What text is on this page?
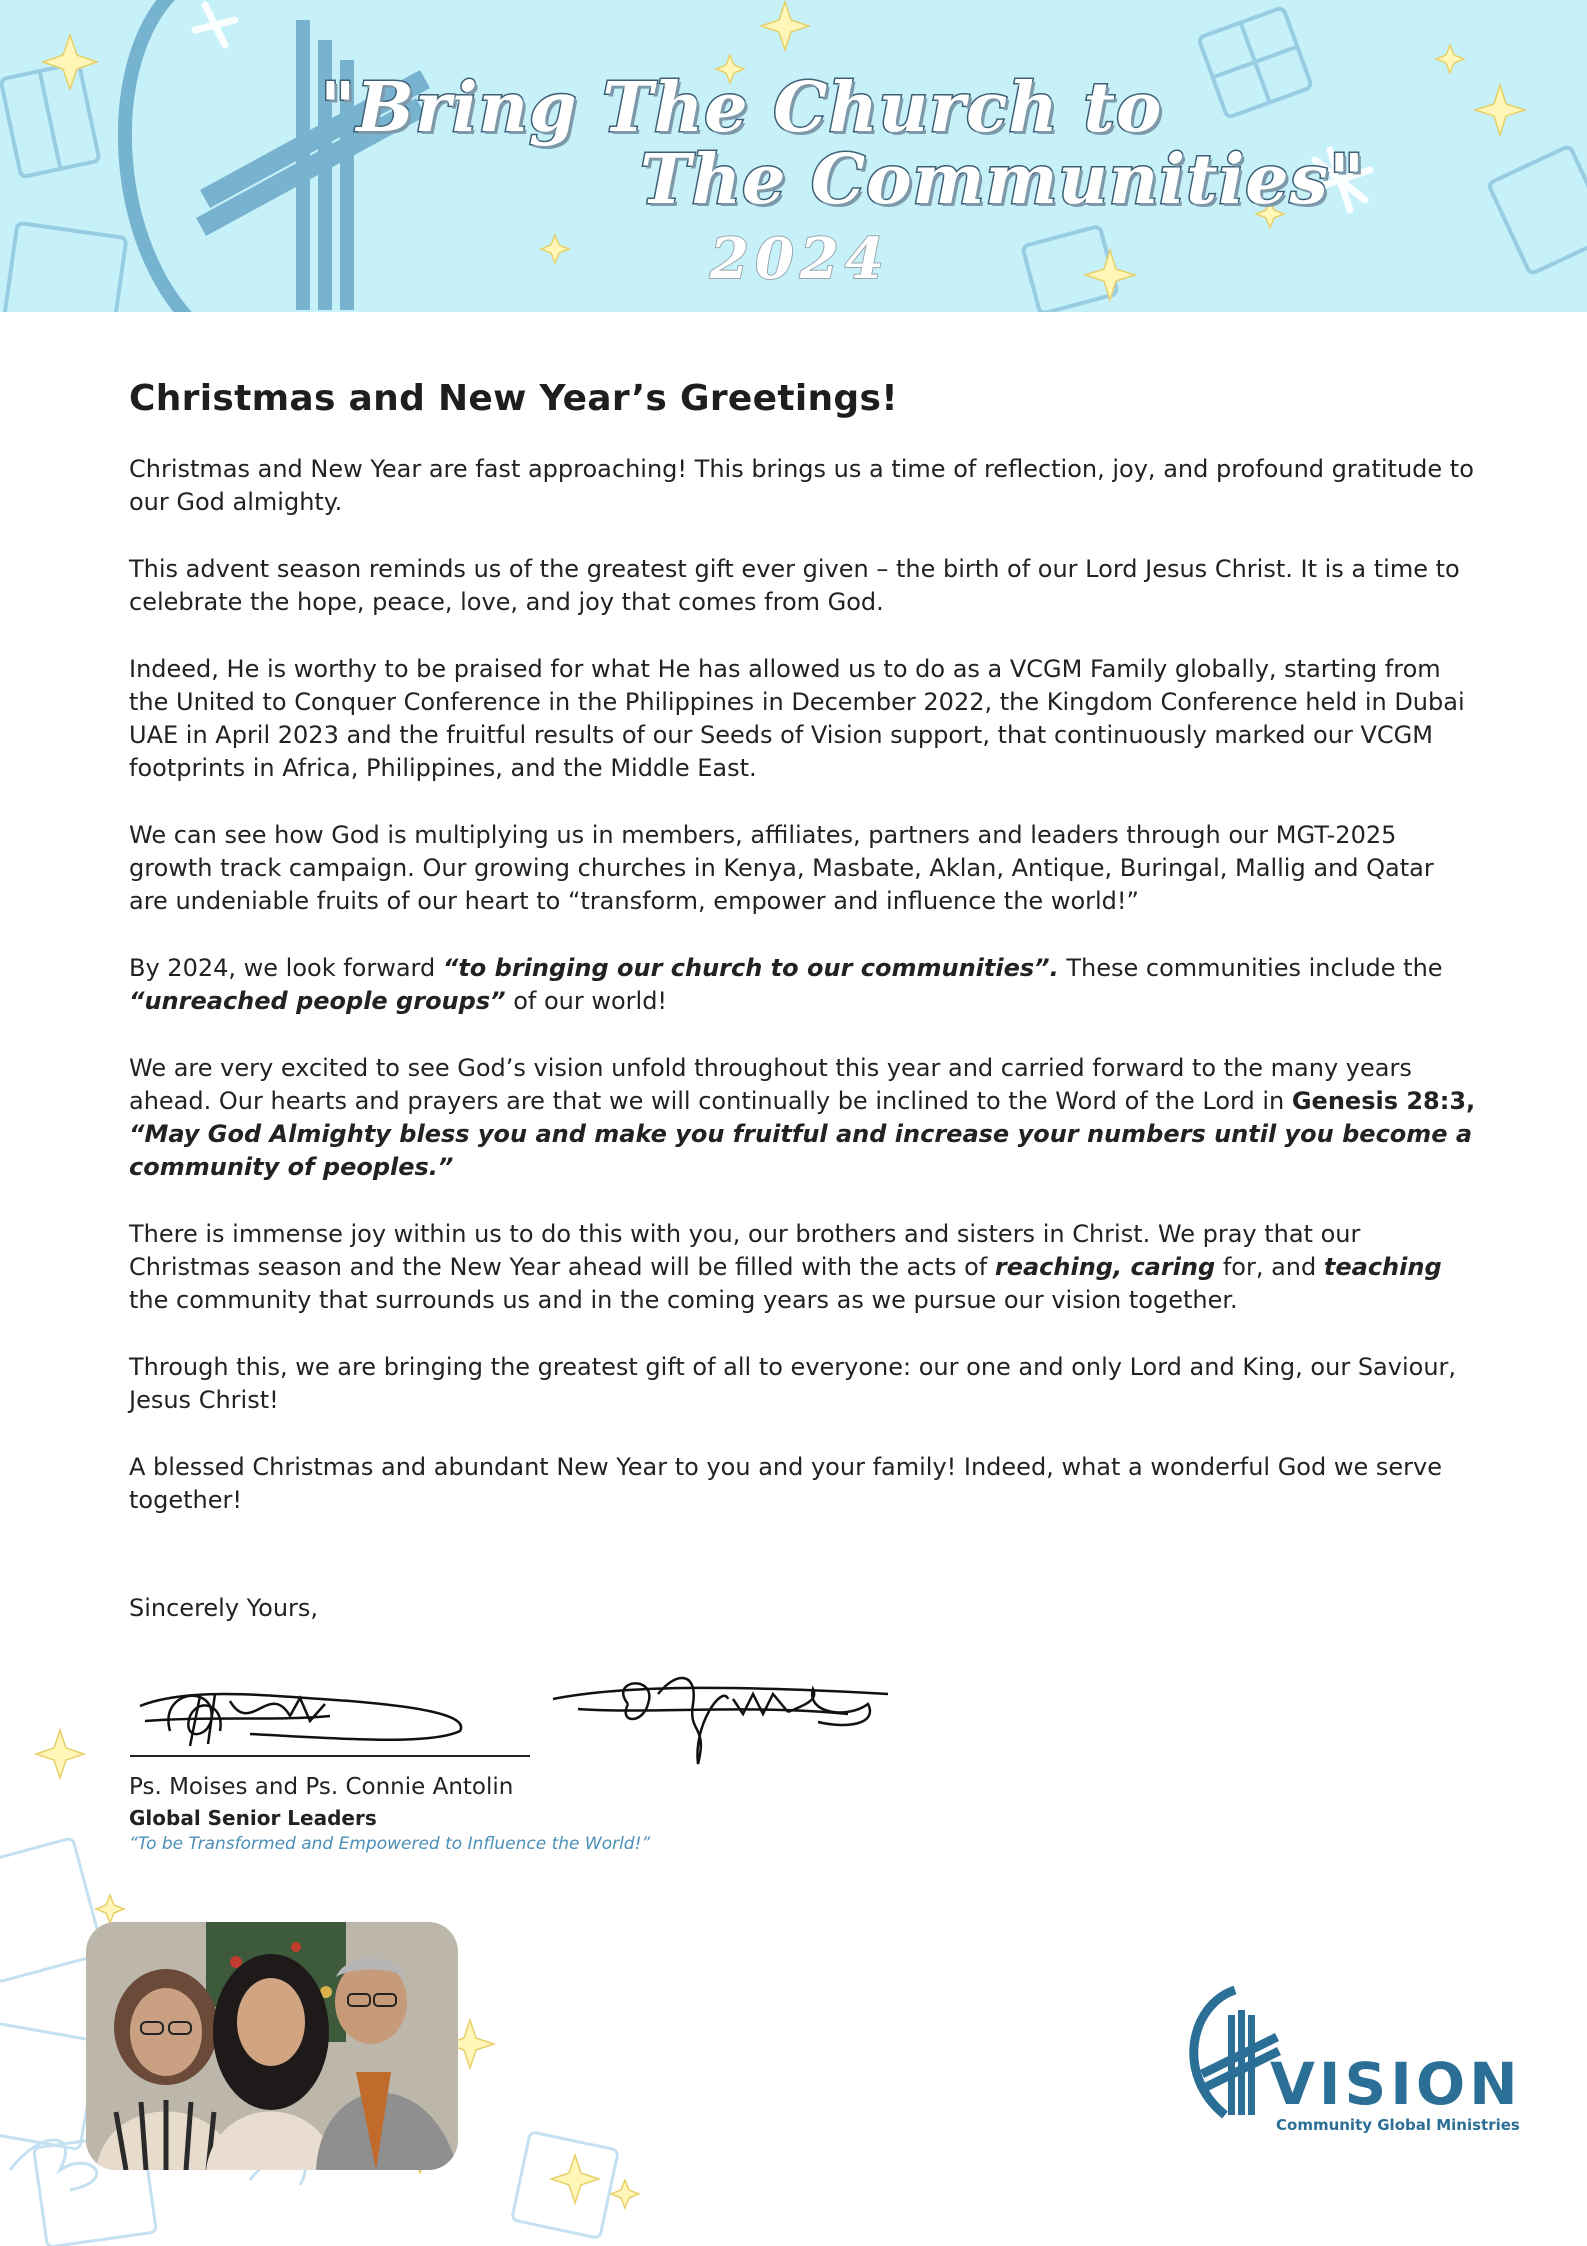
"Bring The Church to
The Communities"
2024
Christmas and New Year’s Greetings!

Christmas and New Year are fast approaching! This brings us a time of reflection, joy, and profound gratitude to our God almighty.

This advent season reminds us of the greatest gift ever given – the birth of our Lord Jesus Christ. It is a time to celebrate the hope, peace, love, and joy that comes from God.

Indeed, He is worthy to be praised for what He has allowed us to do as a VCGM Family globally, starting from the United to Conquer Conference in the Philippines in December 2022, the Kingdom Conference held in Dubai UAE in April 2023 and the fruitful results of our Seeds of Vision support, that continuously marked our VCGM footprints in Africa, Philippines, and the Middle East.

We can see how God is multiplying us in members, affiliates, partners and leaders through our MGT-2025 growth track campaign. Our growing churches in Kenya, Masbate, Aklan, Antique, Buringal, Mallig and Qatar are undeniable fruits of our heart to “transform, empower and influence the world!”

By 2024, we look forward “to bringing our church to our communities”. These communities include the “unreached people groups” of our world!

We are very excited to see God’s vision unfold throughout this year and carried forward to the many years ahead. Our hearts and prayers are that we will continually be inclined to the Word of the Lord in Genesis 28:3, “May God Almighty bless you and make you fruitful and increase your numbers until you become a community of peoples.”

There is immense joy within us to do this with you, our brothers and sisters in Christ. We pray that our Christmas season and the New Year ahead will be filled with the acts of reaching, caring for, and teaching the community that surrounds us and in the coming years as we pursue our vision together.

Through this, we are bringing the greatest gift of all to everyone: our one and only Lord and King, our Saviour, Jesus Christ!

A blessed Christmas and abundant New Year to you and your family! Indeed, what a wonderful God we serve together!

Sincerely Yours,
Ps. Moises and Ps. Connie Antolin
Global Senior Leaders
“To be Transformed and Empowered to Influence the World!”
VISION
Community Global Ministries
